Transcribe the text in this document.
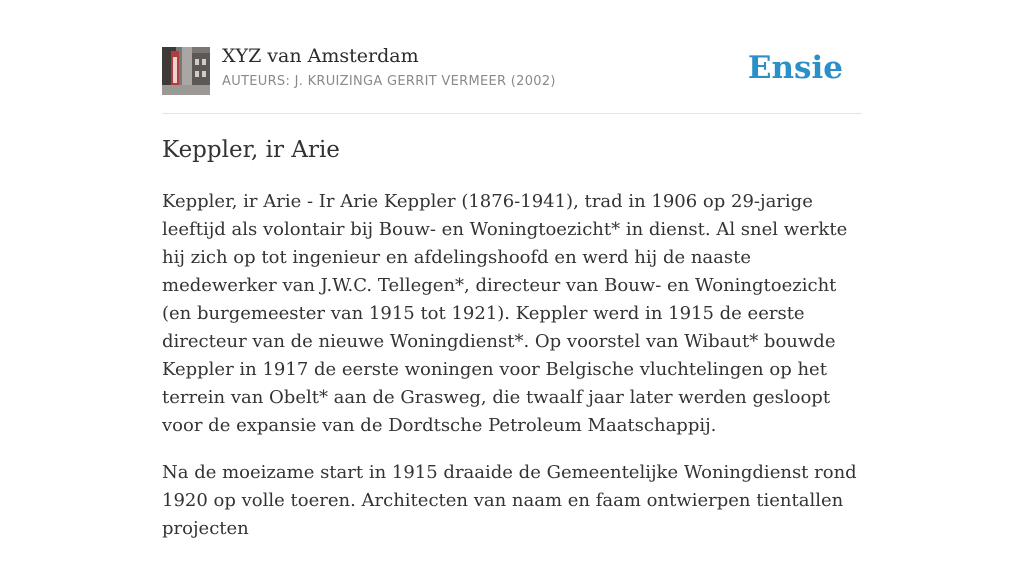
XYZ van Amsterdam
AUTEURS: J. KRUIZINGA GERRIT VERMEER (2002)	Ensie
Keppler, ir Arie

Keppler, ir Arie - Ir Arie Keppler (1876-1941), trad in 1906 op 29-jarige leeftijd als volontair bij Bouw- en Woningtoezicht* in dienst. Al snel werkte hij zich op tot ingenieur en afdelingshoofd en werd hij de naaste medewerker van J.W.C. Tellegen*, directeur van Bouw- en Woningtoezicht (en burgemeester van 1915 tot 1921). Keppler werd in 1915 de eerste directeur van de nieuwe Woningdienst*. Op voorstel van Wibaut* bouwde Keppler in 1917 de eerste woningen voor Belgische vluchtelingen op het terrein van Obelt* aan de Grasweg, die twaalf jaar later werden gesloopt voor de expansie van de Dordtsche Petroleum Maatschappij.

Na de moeizame start in 1915 draaide de Gemeentelijke Woningdienst rond 1920 op volle toeren. Architecten van naam en faam ontwierpen tientallen projecten
